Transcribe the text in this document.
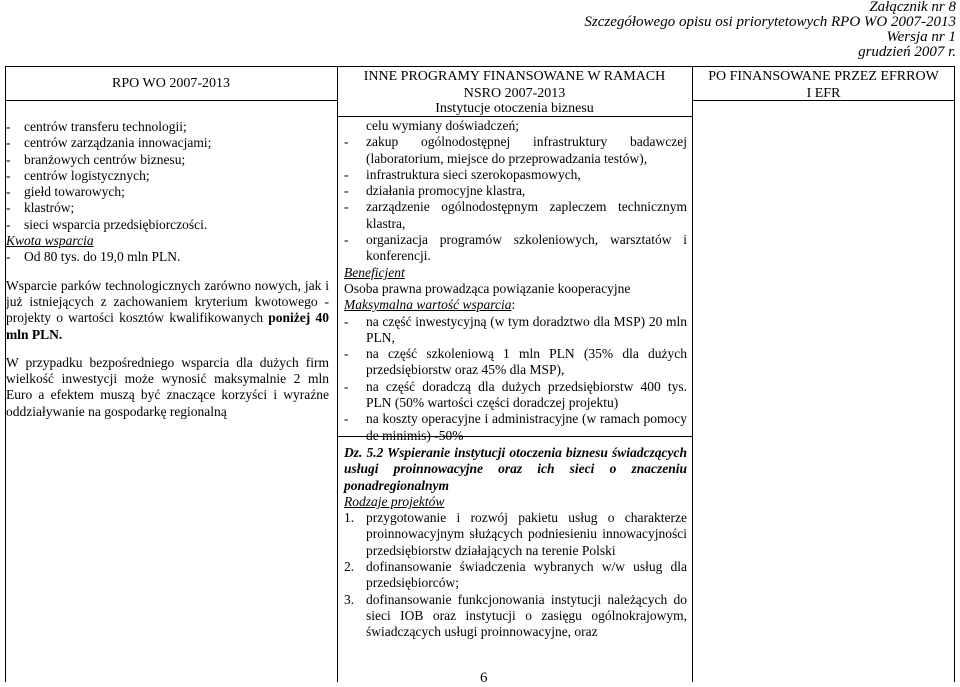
Załącznik nr 8
Szczegółowego opisu osi priorytetowych RPO WO 2007-2013
Wersja nr 1
grudzień 2007 r.
RPO WO 2007-2013	INNE PROGRAMY FINANSOWANE W RAMACH
NSRO 2007-2013
Instytucje otoczenia biznesu
PO FINANSOWANE PRZEZ EFRROW
I EFR
- centrów transferu technologii;
- centrów zarządzania innowacjami;
- branżowych centrów biznesu;
- centrów logistycznych;
- giełd towarowych;
- klastrów;
- sieci wsparcia przedsiębiorczości.
Kwota wsparcia
- Od 80 tys. do 19,0 mln PLN.
Wsparcie parków technologicznych zarówno nowych, jak i już istniejących z zachowaniem kryterium kwotowego - projekty o wartości kosztów kwalifikowanych poniżej 40 mln PLN.
W przypadku bezpośredniego wsparcia dla dużych firm wielkość inwestycji może wynosić maksymalnie 2 mln Euro a efektem muszą być znaczące korzyści i wyraźne oddziaływanie na gospodarkę regionalną
celu wymiany doświadczeń;
- zakup ogólnodostępnej infrastruktury badawczej (laboratorium, miejsce do przeprowadzania testów),
- infrastruktura sieci szerokopasmowych,
- działania promocyjne klastra,
- zarządzenie ogólnodostępnym zapleczem technicznym klastra,
- organizacja programów szkoleniowych, warsztatów i konferencji.
Beneficjent
Osoba prawna prowadząca powiązanie kooperacyjne
Maksymalna wartość wsparcia:
- na część inwestycyjną (w tym doradztwo dla MSP) 20 mln PLN,
- na część szkoleniową 1 mln PLN (35% dla dużych przedsiębiorstw oraz 45% dla MSP),
- na część doradczą dla dużych przedsiębiorstw 400 tys. PLN (50% wartości części doradczej projektu)
- na koszty operacyjne i administracyjne (w ramach pomocy de minimis) -50%
Dz. 5.2 Wspieranie instytucji otoczenia biznesu świadczących usługi proinnowacyjne oraz ich sieci o znaczeniu ponadregionalnym
Rodzaje projektów
1. przygotowanie i rozwój pakietu usług o charakterze proinnowacyjnym służących podniesieniu innowacyjności przedsiębiorstw działających na terenie Polski
2. dofinansowanie świadczenia wybranych w/w usług dla przedsiębiorców;
3. dofinansowanie funkcjonowania instytucji należących do sieci IOB oraz instytucji o zasięgu ogólnokrajowym, świadczących usługi proinnowacyjne, oraz
6
